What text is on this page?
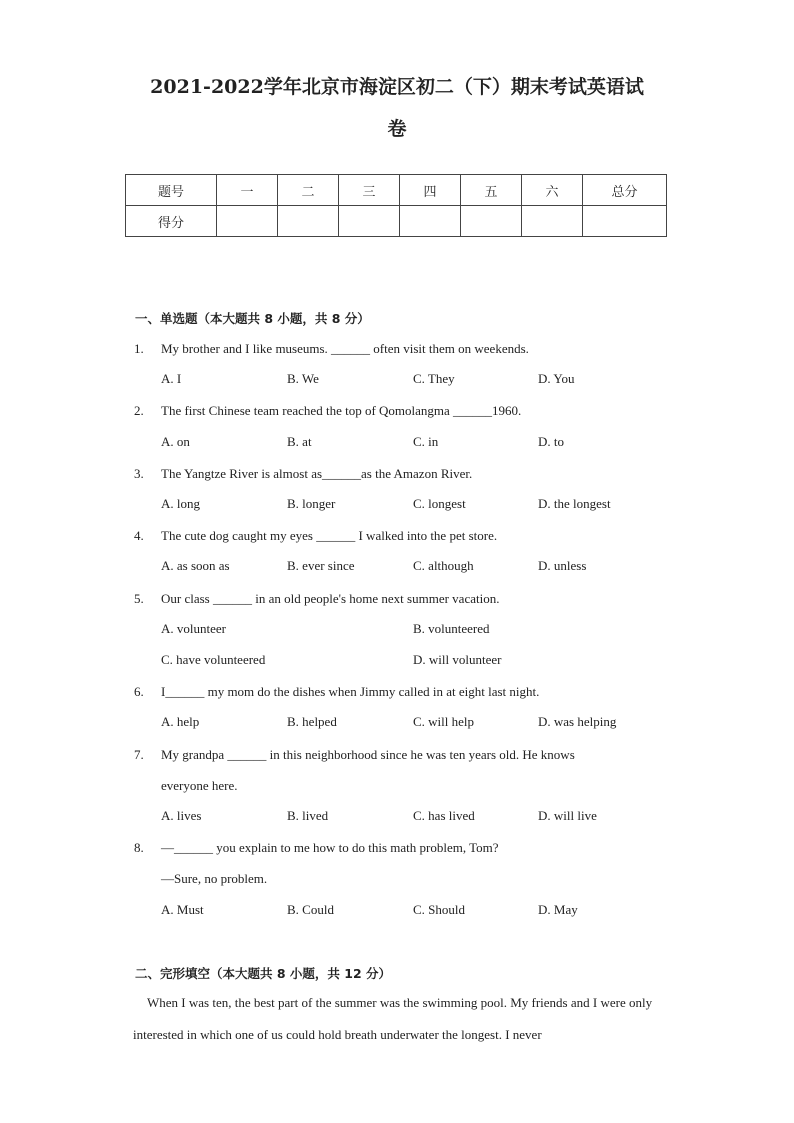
2021-2022学年北京市海淀区初二（下）期末考试英语试
卷
题号	一	二	三	四	五	六	总分
得分							
一、单选题（本大题共 8 小题，共 8 分）
1.	My brother and I like museums. ______ often visit them on weekends.
A. I	B. We	C. They	D. You
2.	The first Chinese team reached the top of Qomolangma ______1960.
A. on	B. at	C. in	D. to
3.	The Yangtze River is almost as______as the Amazon River.
A. long	B. longer	C. longest	D. the longest
4.	The cute dog caught my eyes ______ I walked into the pet store.
A. as soon as	B. ever since	C. although	D. unless
5.	Our class ______ in an old people's home next summer vacation.
A. volunteer	B. volunteered
C. have volunteered	D. will volunteer
6.	I______ my mom do the dishes when Jimmy called in at eight last night.
A. help	B. helped	C. will help	D. was helping
7.	My grandpa ______ in this neighborhood since he was ten years old. He knows
everyone here.
A. lives	B. lived	C. has lived	D. will live
8.	—______ you explain to me how to do this math problem, Tom?
—Sure, no problem.
A. Must	B. Could	C. Should	D. May
二、完形填空（本大题共 8 小题，共 12 分）
When I was ten, the best part of the summer was the swimming pool. My friends and I were only interested in which one of us could hold breath underwater the longest. I never
